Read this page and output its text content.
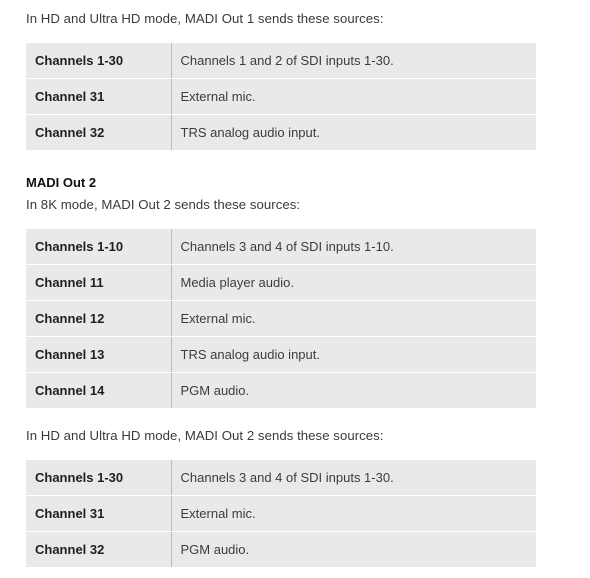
In HD and Ultra HD mode, MADI Out 1 sends these sources:

Channels 1-30	Channels 1 and 2 of SDI inputs 1-30.
Channel 31	External mic.
Channel 32	TRS analog audio input.

MADI Out 2

In 8K mode, MADI Out 2 sends these sources:

Channels 1-10	Channels 3 and 4 of SDI inputs 1-10.
Channel 11	Media player audio.
Channel 12	External mic.
Channel 13	TRS analog audio input.
Channel 14	PGM audio.

In HD and Ultra HD mode, MADI Out 2 sends these sources:

Channels 1-30	Channels 3 and 4 of SDI inputs 1-30.
Channel 31	External mic.
Channel 32	PGM audio.
